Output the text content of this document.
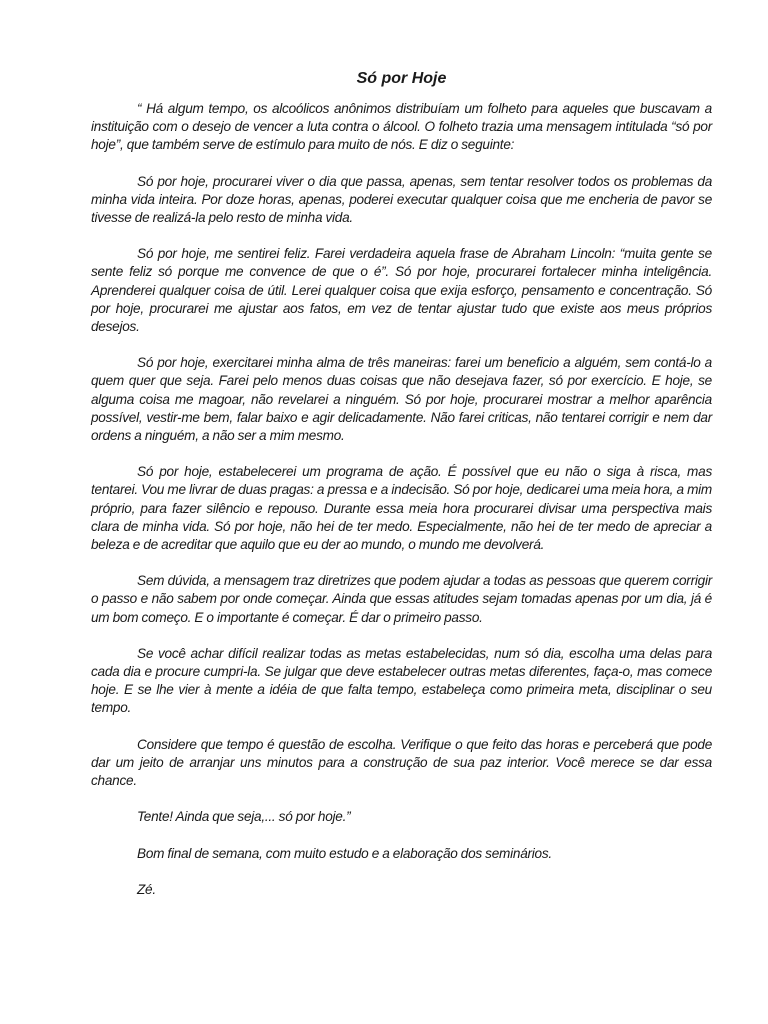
Só por Hoje

“ Há algum tempo, os alcoólicos anônimos distribuíam um folheto para aqueles que buscavam a instituição com o desejo de vencer a luta contra o álcool. O folheto trazia uma mensagem intitulada “só por hoje”, que também serve de estímulo para muito de nós. E diz o seguinte:

Só por hoje, procurarei viver o dia que passa, apenas, sem tentar resolver todos os problemas da minha vida inteira. Por doze horas, apenas, poderei executar qualquer coisa que me encheria de pavor se tivesse de realizá-la pelo resto de minha vida.

Só por hoje, me sentirei feliz. Farei verdadeira aquela frase de Abraham Lincoln: “muita gente se sente feliz só porque me convence de que o é”. Só por hoje, procurarei fortalecer minha inteligência. Aprenderei qualquer coisa de útil. Lerei qualquer coisa que exija esforço, pensamento e concentração. Só por hoje, procurarei me ajustar aos fatos, em vez de tentar ajustar tudo que existe aos meus próprios desejos.

Só por hoje, exercitarei minha alma de três maneiras: farei um beneficio a alguém, sem contá-lo a quem quer que seja. Farei pelo menos duas coisas que não desejava fazer, só por exercício. E hoje, se alguma coisa me magoar, não revelarei a ninguém. Só por hoje, procurarei mostrar a melhor aparência possível, vestir-me bem, falar baixo e agir delicadamente. Não farei criticas, não tentarei corrigir e nem dar ordens a ninguém, a não ser a mim mesmo.

Só por hoje, estabelecerei um programa de ação. É possível que eu não o siga à risca, mas tentarei. Vou me livrar de duas pragas: a pressa e a indecisão. Só por hoje, dedicarei uma meia hora, a mim próprio, para fazer silêncio e repouso. Durante essa meia hora procurarei divisar uma perspectiva mais clara de minha vida. Só por hoje, não hei de ter medo. Especialmente, não hei de ter medo de apreciar a beleza e de acreditar que aquilo que eu der ao mundo, o mundo me devolverá.

Sem dúvida, a mensagem traz diretrizes que podem ajudar a todas as pessoas que querem corrigir o passo e não sabem por onde começar. Ainda que essas atitudes sejam tomadas apenas por um dia, já é um bom começo. E o importante é começar. É dar o primeiro passo.

Se você achar difícil realizar todas as metas estabelecidas, num só dia, escolha uma delas para cada dia e procure cumpri-la. Se julgar que deve estabelecer outras metas diferentes, faça-o, mas comece hoje. E se lhe vier à mente a idéia de que falta tempo, estabeleça como primeira meta, disciplinar o seu tempo.

Considere que tempo é questão de escolha. Verifique o que feito das horas e perceberá que pode dar um jeito de arranjar uns minutos para a construção de sua paz interior. Você merece se dar essa chance.

Tente! Ainda que seja,... só por hoje.”

Bom final de semana, com muito estudo e a elaboração dos seminários.

Zé.
